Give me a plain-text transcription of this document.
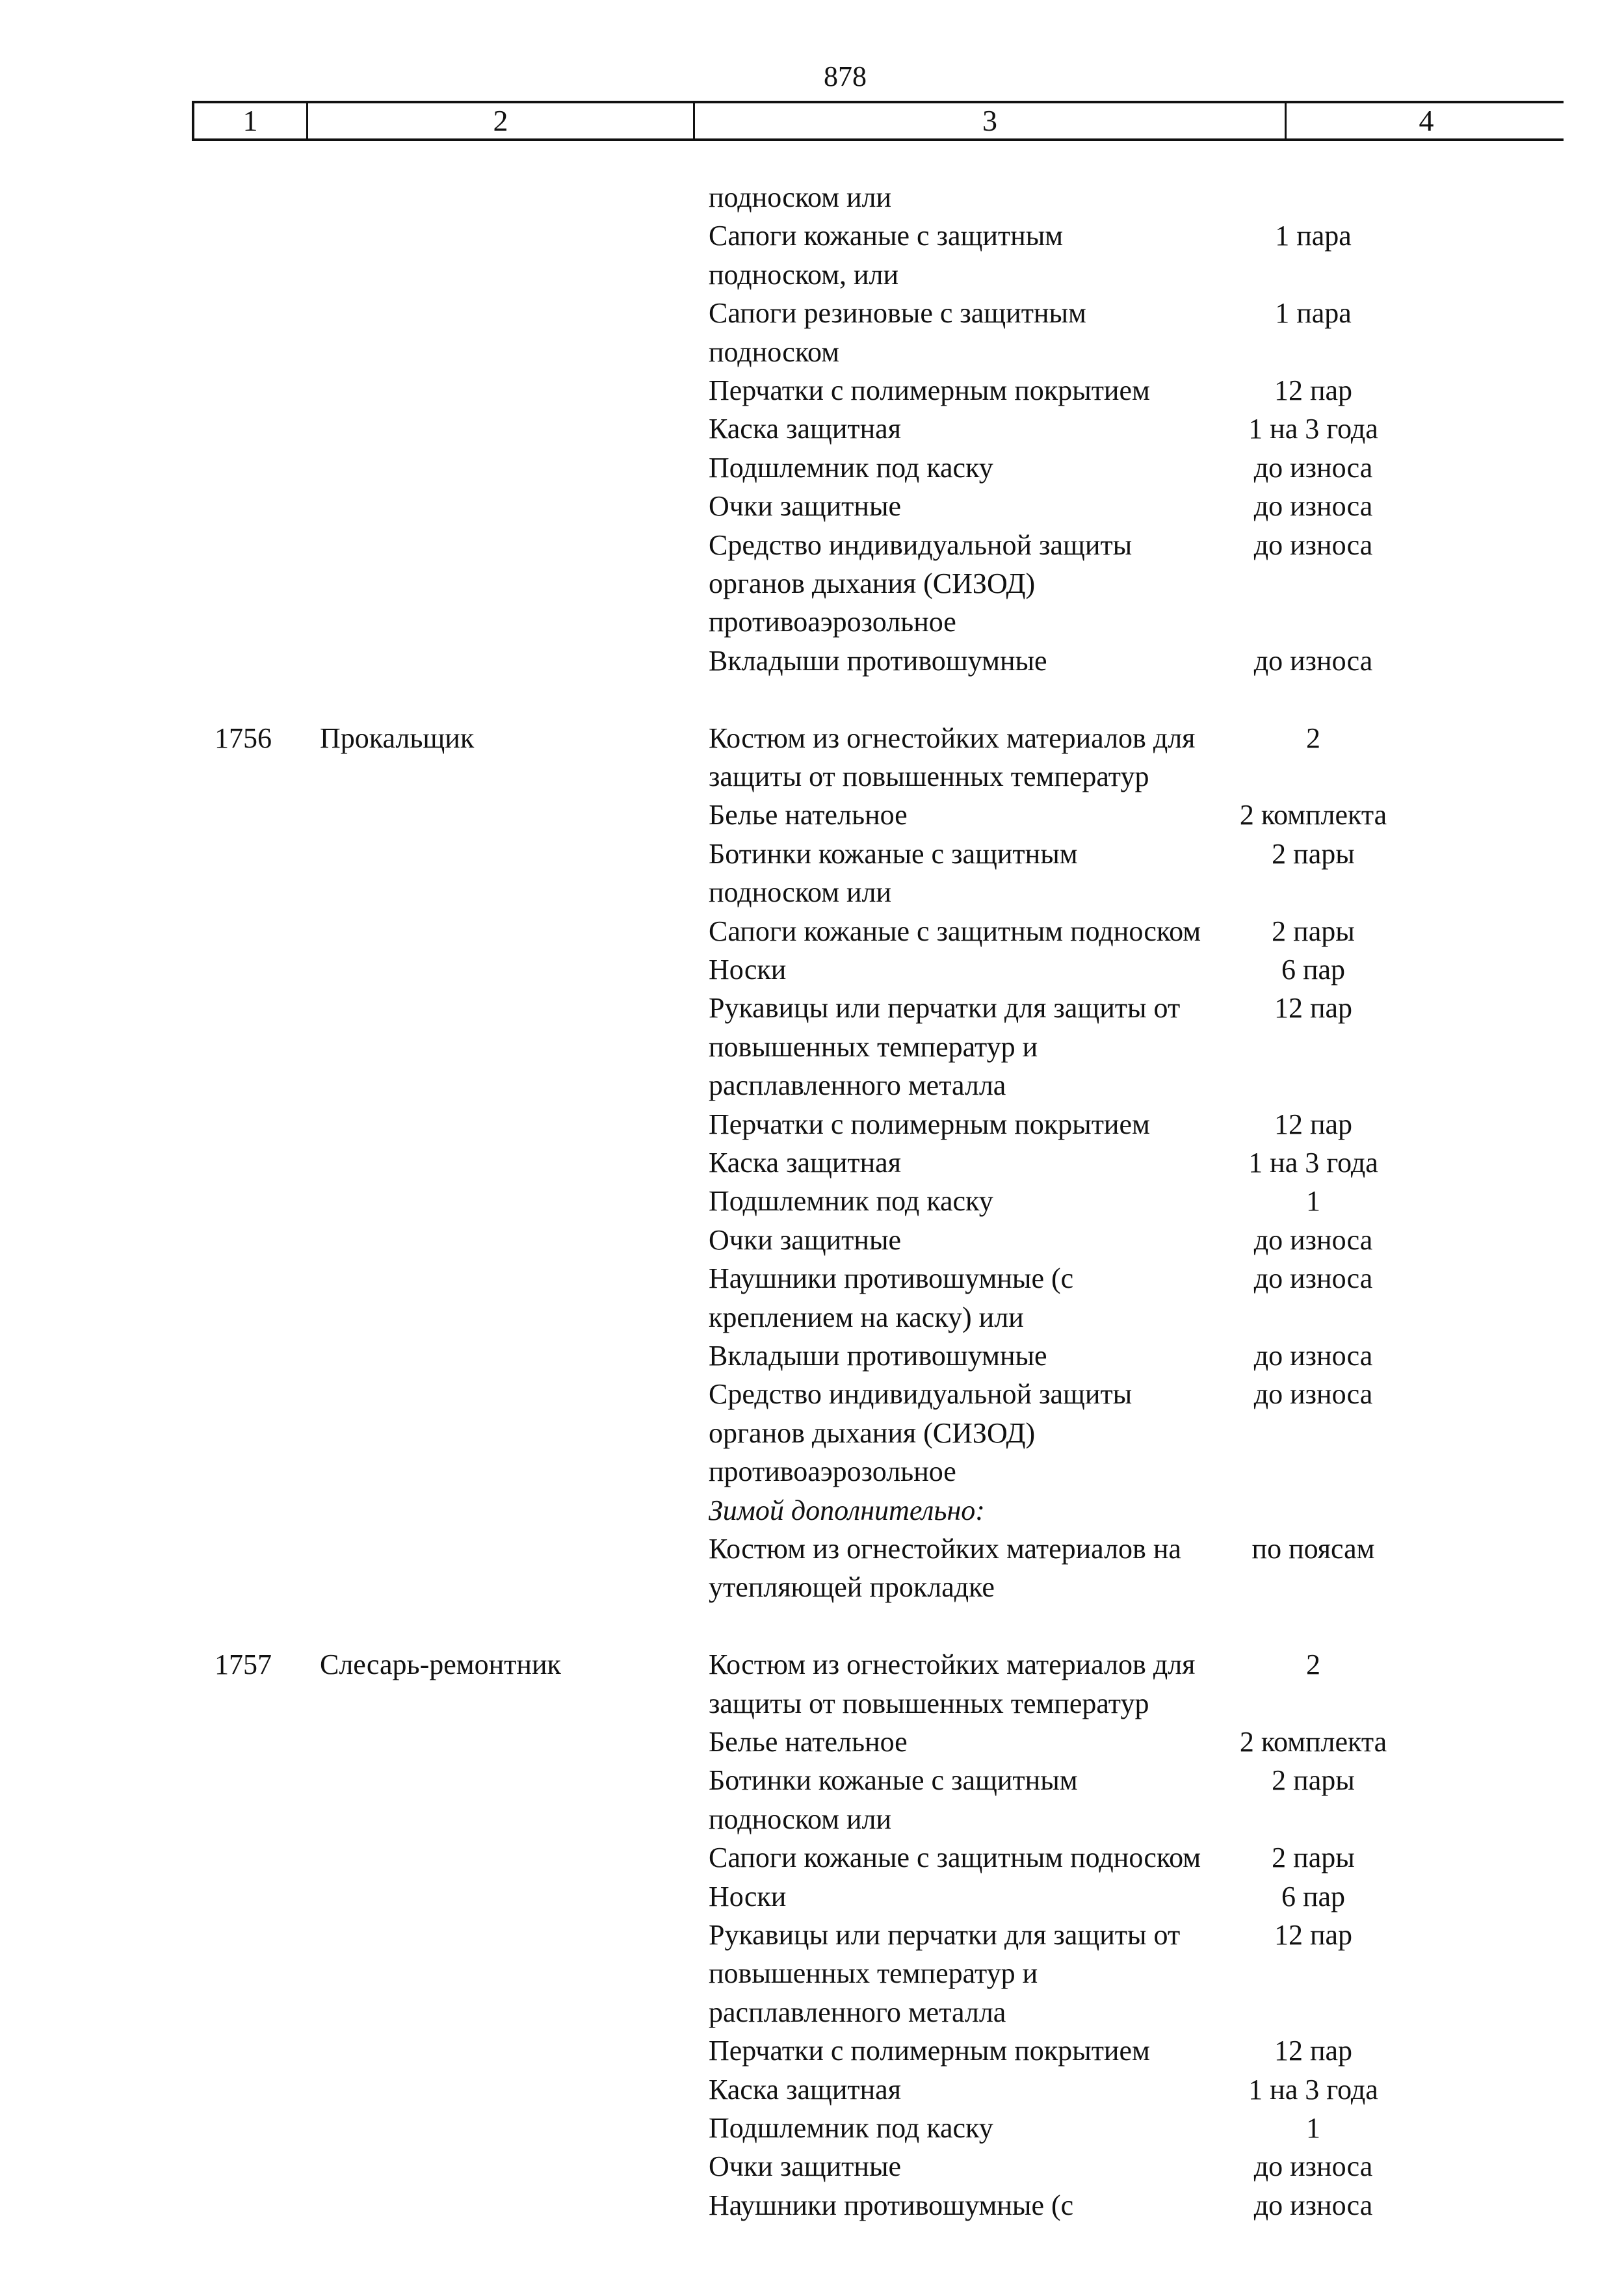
878
1	2	3	4
подноском или
Сапоги кожаные с защитным	1 пара
подноском, или
Сапоги резиновые с защитным	1 пара
подноском
Перчатки с полимерным покрытием	12 пар
Каска защитная	1 на 3 года
Подшлемник под каску	до износа
Очки защитные	до износа
Средство индивидуальной защиты	до износа
органов дыхания (СИЗОД)
противоаэрозольное
Вкладыши противошумные	до износа
1756 Прокальщик	Костюм из огнестойких материалов для	2
защиты от повышенных температур
Белье нательное	2 комплекта
Ботинки кожаные с защитным	2 пары
подноском или
Сапоги кожаные с защитным подноском	2 пары
Носки	6 пар
Рукавицы или перчатки для защиты от	12 пар
повышенных температур и
расплавленного металла
Перчатки с полимерным покрытием	12 пар
Каска защитная	1 на 3 года
Подшлемник под каску	1
Очки защитные	до износа
Наушники противошумные (с	до износа
креплением на каску) или
Вкладыши противошумные	до износа
Средство индивидуальной защиты	до износа
органов дыхания (СИЗОД)
противоаэрозольное
Зимой дополнительно:
Костюм из огнестойких материалов на	по поясам
утепляющей прокладке
1757 Слесарь-ремонтник	Костюм из огнестойких материалов для	2
защиты от повышенных температур
Белье нательное	2 комплекта
Ботинки кожаные с защитным	2 пары
подноском или
Сапоги кожаные с защитным подноском	2 пары
Носки	6 пар
Рукавицы или перчатки для защиты от	12 пар
повышенных температур и
расплавленного металла
Перчатки с полимерным покрытием	12 пар
Каска защитная	1 на 3 года
Подшлемник под каску	1
Очки защитные	до износа
Наушники противошумные (с	до износа
